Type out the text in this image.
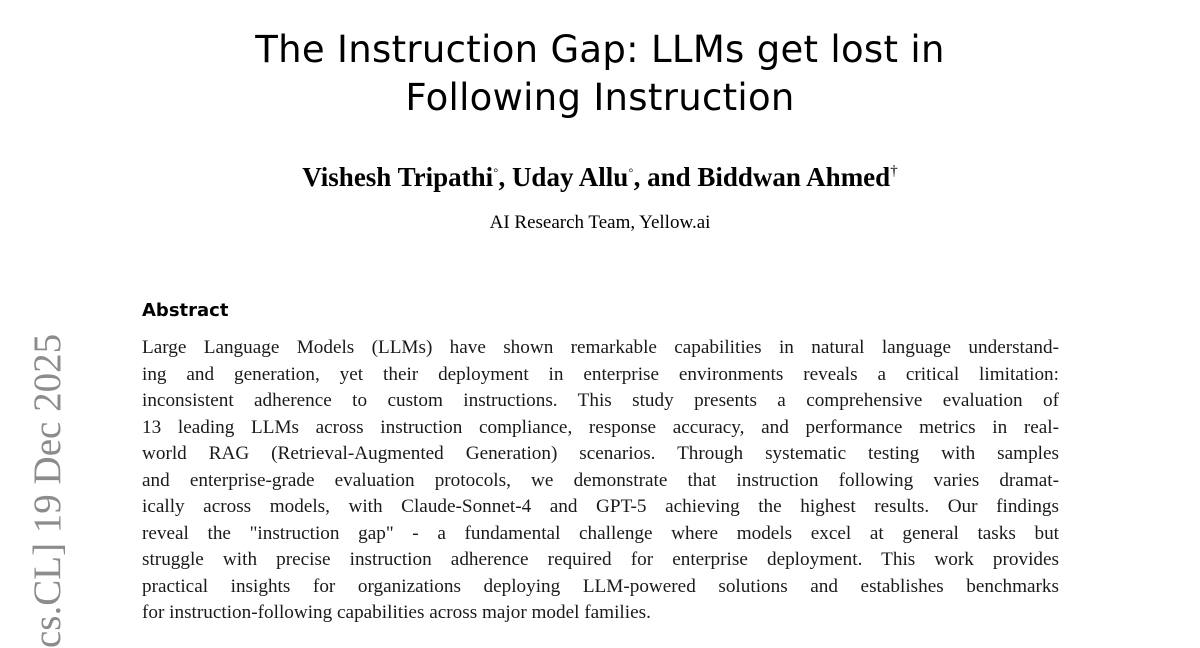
The Instruction Gap: LLMs get lost in
Following Instruction

Vishesh Tripathi◦, Uday Allu◦, and Biddwan Ahmed†

AI Research Team, Yellow.ai

Abstract
Large Language Models (LLMs) have shown remarkable capabilities in natural language understand-
ing and generation, yet their deployment in enterprise environments reveals a critical limitation:
inconsistent adherence to custom instructions. This study presents a comprehensive evaluation of
13 leading LLMs across instruction compliance, response accuracy, and performance metrics in real-
world RAG (Retrieval-Augmented Generation) scenarios. Through systematic testing with samples
and enterprise-grade evaluation protocols, we demonstrate that instruction following varies dramat-
ically across models, with Claude-Sonnet-4 and GPT-5 achieving the highest results. Our findings
reveal the "instruction gap" - a fundamental challenge where models excel at general tasks but
struggle with precise instruction adherence required for enterprise deployment. This work provides
practical insights for organizations deploying LLM-powered solutions and establishes benchmarks
for instruction-following capabilities across major model families.
cs.CL] 19 Dec 2025
